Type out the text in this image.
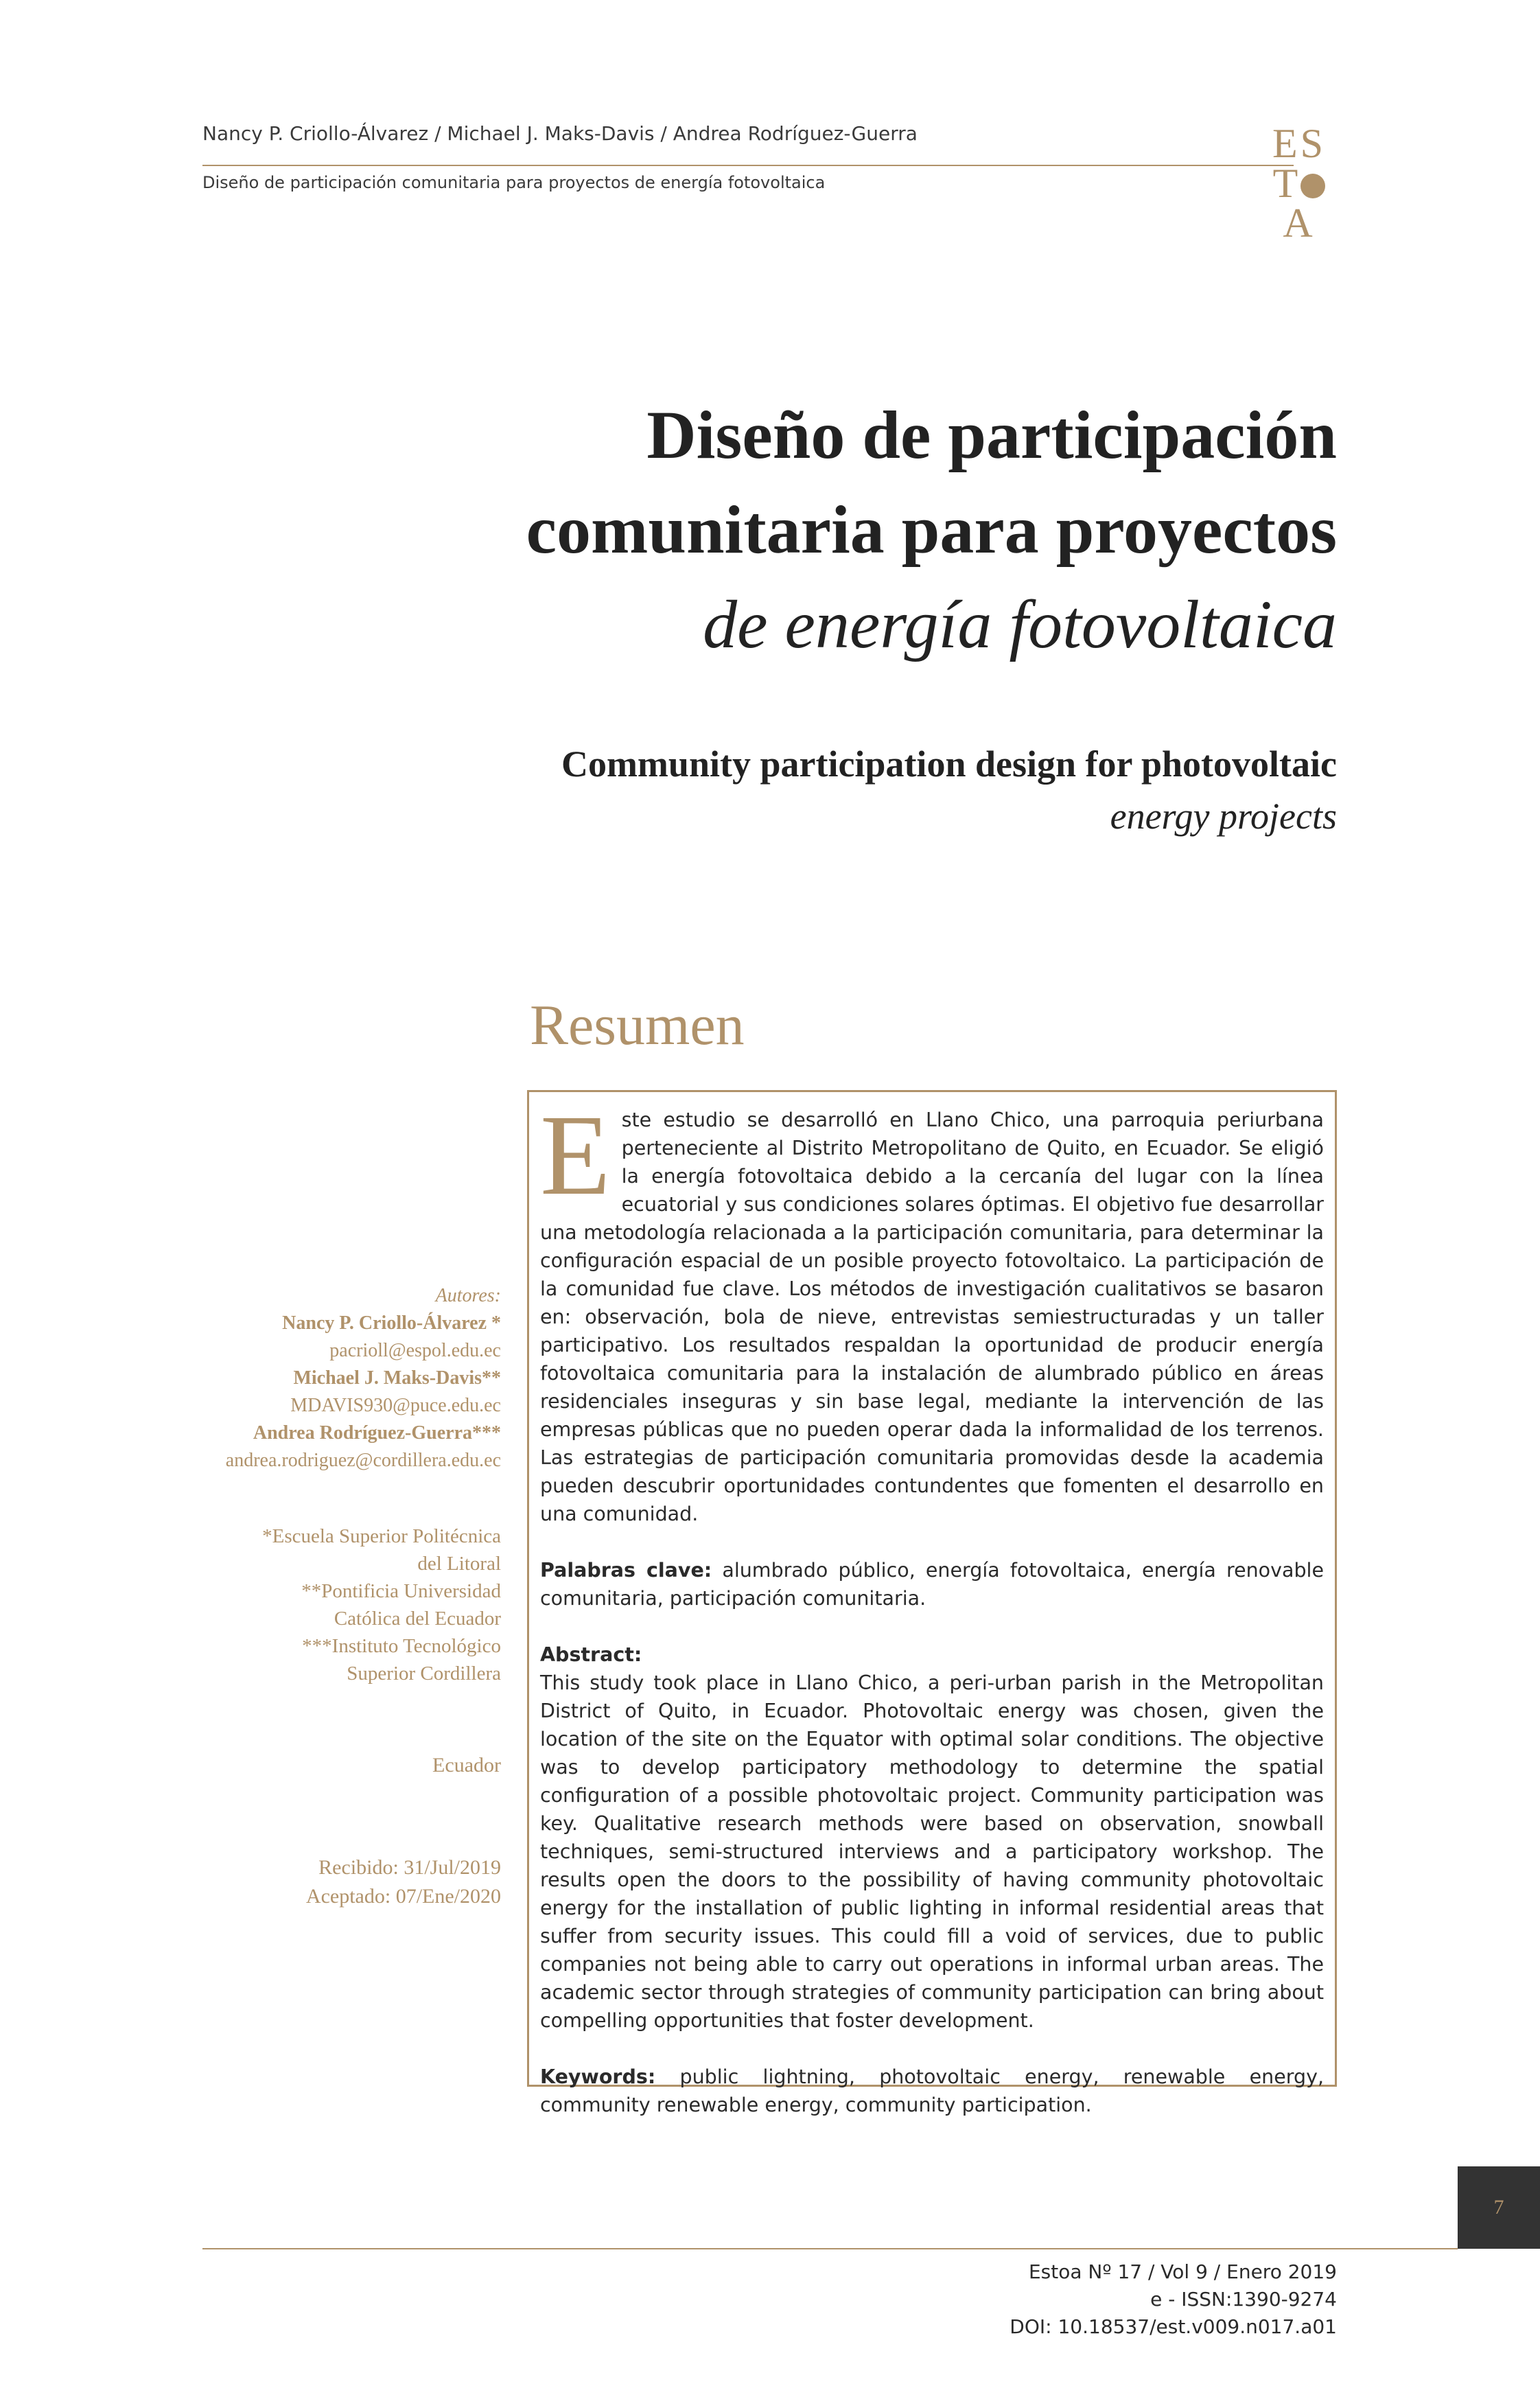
Nancy P. Criollo-Álvarez / Michael J. Maks-Davis / Andrea Rodríguez-Guerra
Diseño de participación comunitaria para proyectos de energía fotovoltaica
ES
T
A
Diseño de participación
comunitaria para proyectos
de energía fotovoltaica
Community participation design for photovoltaic
energy projects
Resumen

Este estudio se desarrolló en Llano Chico, una parroquia periurbana perteneciente al Distrito Metropolitano de Quito, en Ecuador. Se eligió la energía fotovoltaica debido a la cercanía del lugar con la línea ecuatorial y sus condiciones solares óptimas. El objetivo fue desarrollar una metodología relacionada a la participación comunitaria, para determinar la configuración espacial de un posible proyecto fotovoltaico. La participación de la comunidad fue clave. Los métodos de investigación cualitativos se basaron en: observación, bola de nieve, entrevistas semiestructuradas y un taller participativo. Los resultados respaldan la oportunidad de producir energía fotovoltaica comunitaria para la instalación de alumbrado público en áreas residenciales inseguras y sin base legal, mediante la intervención de las empresas públicas que no pueden operar dada la informalidad de los terrenos. Las estrategias de participación comunitaria promovidas desde la academia pueden descubrir oportunidades contundentes que fomenten el desarrollo en una comunidad.

Palabras clave: alumbrado público, energía fotovoltaica, energía renovable comunitaria, participación comunitaria.

Abstract:

This study took place in Llano Chico, a peri-urban parish in the Metropolitan District of Quito, in Ecuador. Photovoltaic energy was chosen, given the location of the site on the Equator with optimal solar conditions. The objective was to develop participatory methodology to determine the spatial configuration of a possible photovoltaic project. Community participation was key. Qualitative research methods were based on observation, snowball techniques, semi-structured interviews and a participatory workshop. The results open the doors to the possibility of having community photovoltaic energy for the installation of public lighting in informal residential areas that suffer from security issues. This could fill a void of services, due to public companies not being able to carry out operations in informal urban areas. The academic sector through strategies of community participation can bring about compelling opportunities that foster development.

Keywords: public lightning, photovoltaic energy, renewable energy, community renewable energy, community participation.

Autores:
Nancy P. Criollo-Álvarez *
pacrioll@espol.edu.ec
Michael J. Maks-Davis**
MDAVIS930@puce.edu.ec
Andrea Rodríguez-Guerra***
andrea.rodriguez@cordillera.edu.ec
*Escuela Superior Politécnica
del Litoral
**Pontificia Universidad
Católica del Ecuador
***Instituto Tecnológico
Superior Cordillera
Ecuador
Recibido: 31/Jul/2019
Aceptado: 07/Ene/2020
7
Estoa Nº 17 / Vol 9 / Enero 2019
e - ISSN:1390-9274
DOI: 10.18537/est.v009.n017.a01
